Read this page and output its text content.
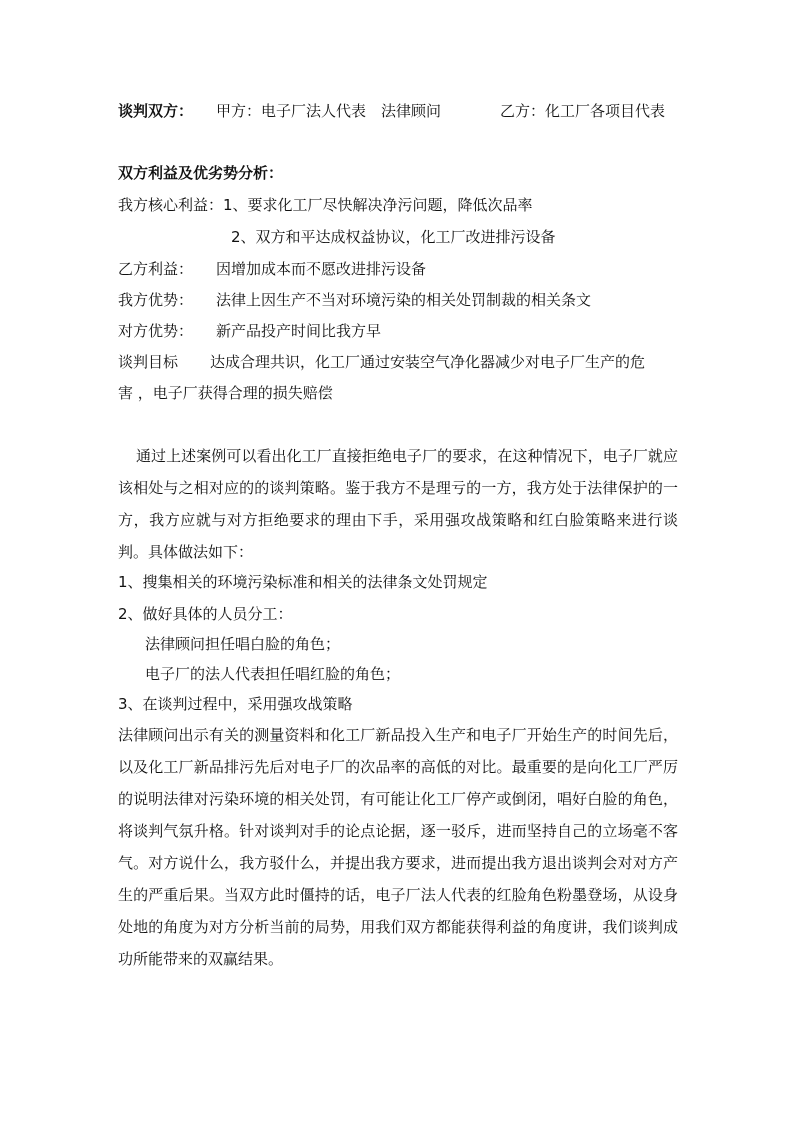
谈判双方： 甲方：电子厂法人代表　法律顾问	乙方：化工厂各项目代表
双方利益及优劣势分析：
我方核心利益：1、要求化工厂尽快解决净污问题，降低次品率
2、双方和平达成权益协议，化工厂改进排污设备
乙方利益： 因增加成本而不愿改进排污设备
我方优势： 法律上因生产不当对环境污染的相关处罚制裁的相关条文
对方优势： 新产品投产时间比我方早
谈判目标 达成合理共识，化工厂通过安装空气净化器减少对电子厂生产的危
害 ，电子厂获得合理的损失赔偿
通过上述案例可以看出化工厂直接拒绝电子厂的要求，在这种情况下，电子厂就应该相处与之相对应的的谈判策略。鉴于我方不是理亏的一方，我方处于法律保护的一方，我方应就与对方拒绝要求的理由下手，采用强攻战策略和红白脸策略来进行谈判。具体做法如下：
1、搜集相关的环境污染标准和相关的法律条文处罚规定
2、做好具体的人员分工：
法律顾问担任唱白脸的角色；
电子厂的法人代表担任唱红脸的角色；
3、在谈判过程中，采用强攻战策略
法律顾问出示有关的测量资料和化工厂新品投入生产和电子厂开始生产的时间先后，以及化工厂新品排污先后对电子厂的次品率的高低的对比。最重要的是向化工厂严厉的说明法律对污染环境的相关处罚，有可能让化工厂停产或倒闭，唱好白脸的角色，将谈判气氛升格。针对谈判对手的论点论据，逐一驳斥，进而坚持自己的立场毫不客气。对方说什么，我方驳什么，并提出我方要求，进而提出我方退出谈判会对对方产生的严重后果。当双方此时僵持的话，电子厂法人代表的红脸角色粉墨登场，从设身处地的角度为对方分析当前的局势，用我们双方都能获得利益的角度讲，我们谈判成功所能带来的双赢结果。
